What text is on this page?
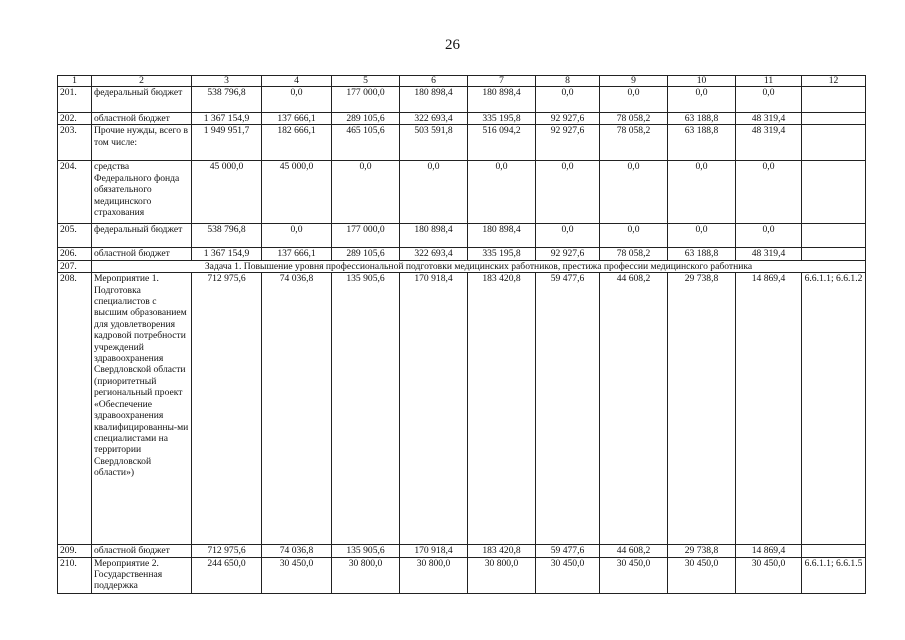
26
1	2	3	4	5	6	7	8	9	10	11	12
201.	федеральный бюджет	538 796,8	0,0	177 000,0	180 898,4	180 898,4	0,0	0,0	0,0	0,0	
202.	областной бюджет	1 367 154,9	137 666,1	289 105,6	322 693,4	335 195,8	92 927,6	78 058,2	63 188,8	48 319,4	
203.	Прочие нужды, всего в том числе:	1 949 951,7	182 666,1	465 105,6	503 591,8	516 094,2	92 927,6	78 058,2	63 188,8	48 319,4	
204.	средства Федерального фонда обязательного медицинского страхования	45 000,0	45 000,0	0,0	0,0	0,0	0,0	0,0	0,0	0,0	
205.	федеральный бюджет	538 796,8	0,0	177 000,0	180 898,4	180 898,4	0,0	0,0	0,0	0,0	
206.	областной бюджет	1 367 154,9	137 666,1	289 105,6	322 693,4	335 195,8	92 927,6	78 058,2	63 188,8	48 319,4	
207.	Задача 1. Повышение уровня профессиональной подготовки медицинских работников, престижа профессии медицинского работника										
208.	Мероприятие 1. Подготовка специалистов с высшим образованием для удовлетворения кадровой потребности учреждений здравоохранения Свердловской области (приоритетный региональный проект «Обеспечение здравоохранения квалифицированны-ми специалистами на территории Свердловской области»)	712 975,6	74 036,8	135 905,6	170 918,4	183 420,8	59 477,6	44 608,2	29 738,8	14 869,4	6.6.1.1; 6.6.1.2
209.	областной бюджет	712 975,6	74 036,8	135 905,6	170 918,4	183 420,8	59 477,6	44 608,2	29 738,8	14 869,4	
210.	Мероприятие 2. Государственная поддержка	244 650,0	30 450,0	30 800,0	30 800,0	30 800,0	30 450,0	30 450,0	30 450,0	30 450,0	6.6.1.1; 6.6.1.5
